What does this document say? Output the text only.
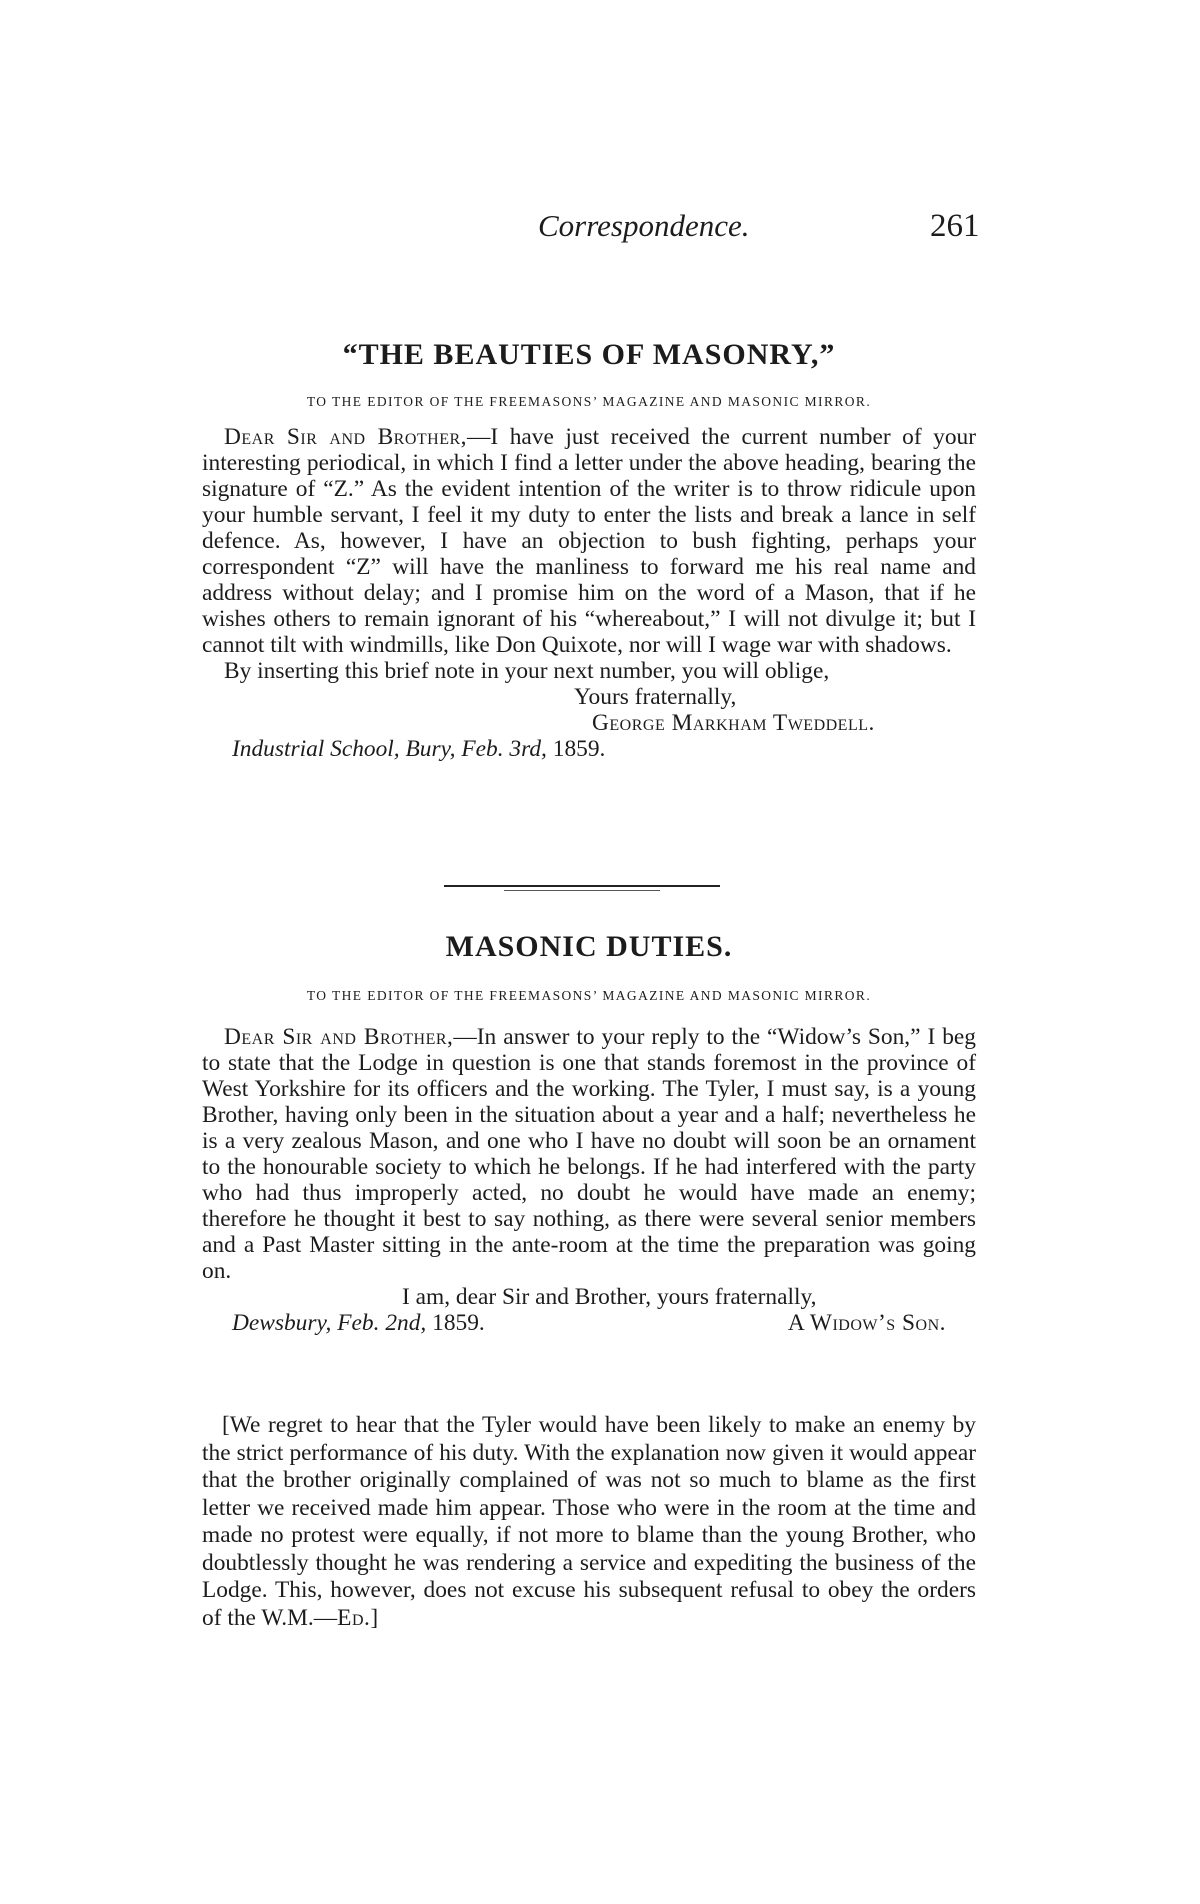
Correspondence.	261
“THE BEAUTIES OF MASONRY,”

TO THE EDITOR OF THE FREEMASONS’ MAGAZINE AND MASONIC MIRROR.

Dear Sir and Brother,—I have just received the current number of your interesting periodical, in which I find a letter under the above heading, bearing the signature of “Z.” As the evident intention of the writer is to throw ridicule upon your humble servant, I feel it my duty to enter the lists and break a lance in self defence. As, however, I have an objection to bush fighting, perhaps your correspondent “Z” will have the manliness to forward me his real name and address without delay; and I promise him on the word of a Mason, that if he wishes others to remain ignorant of his “whereabout,” I will not divulge it; but I cannot tilt with windmills, like Don Quixote, nor will I wage war with shadows.

By inserting this brief note in your next number, you will oblige,

Yours fraternally,

George Markham Tweddell.

Industrial School, Bury, Feb. 3rd, 1859.

MASONIC DUTIES.

TO THE EDITOR OF THE FREEMASONS’ MAGAZINE AND MASONIC MIRROR.

Dear Sir and Brother,—In answer to your reply to the “Widow’s Son,” I beg to state that the Lodge in question is one that stands foremost in the province of West Yorkshire for its officers and the working. The Tyler, I must say, is a young Brother, having only been in the situation about a year and a half; nevertheless he is a very zealous Mason, and one who I have no doubt will soon be an ornament to the honourable society to which he belongs. If he had interfered with the party who had thus improperly acted, no doubt he would have made an enemy; therefore he thought it best to say nothing, as there were several senior members and a Past Master sitting in the ante-room at the time the preparation was going on.

I am, dear Sir and Brother, yours fraternally,

Dewsbury, Feb. 2nd, 1859.	A Widow’s Son.

[We regret to hear that the Tyler would have been likely to make an enemy by the strict performance of his duty. With the explanation now given it would appear that the brother originally complained of was not so much to blame as the first letter we received made him appear. Those who were in the room at the time and made no protest were equally, if not more to blame than the young Brother, who doubtlessly thought he was rendering a service and expediting the business of the Lodge. This, however, does not excuse his subsequent refusal to obey the orders of the W.M.—Ed.]
